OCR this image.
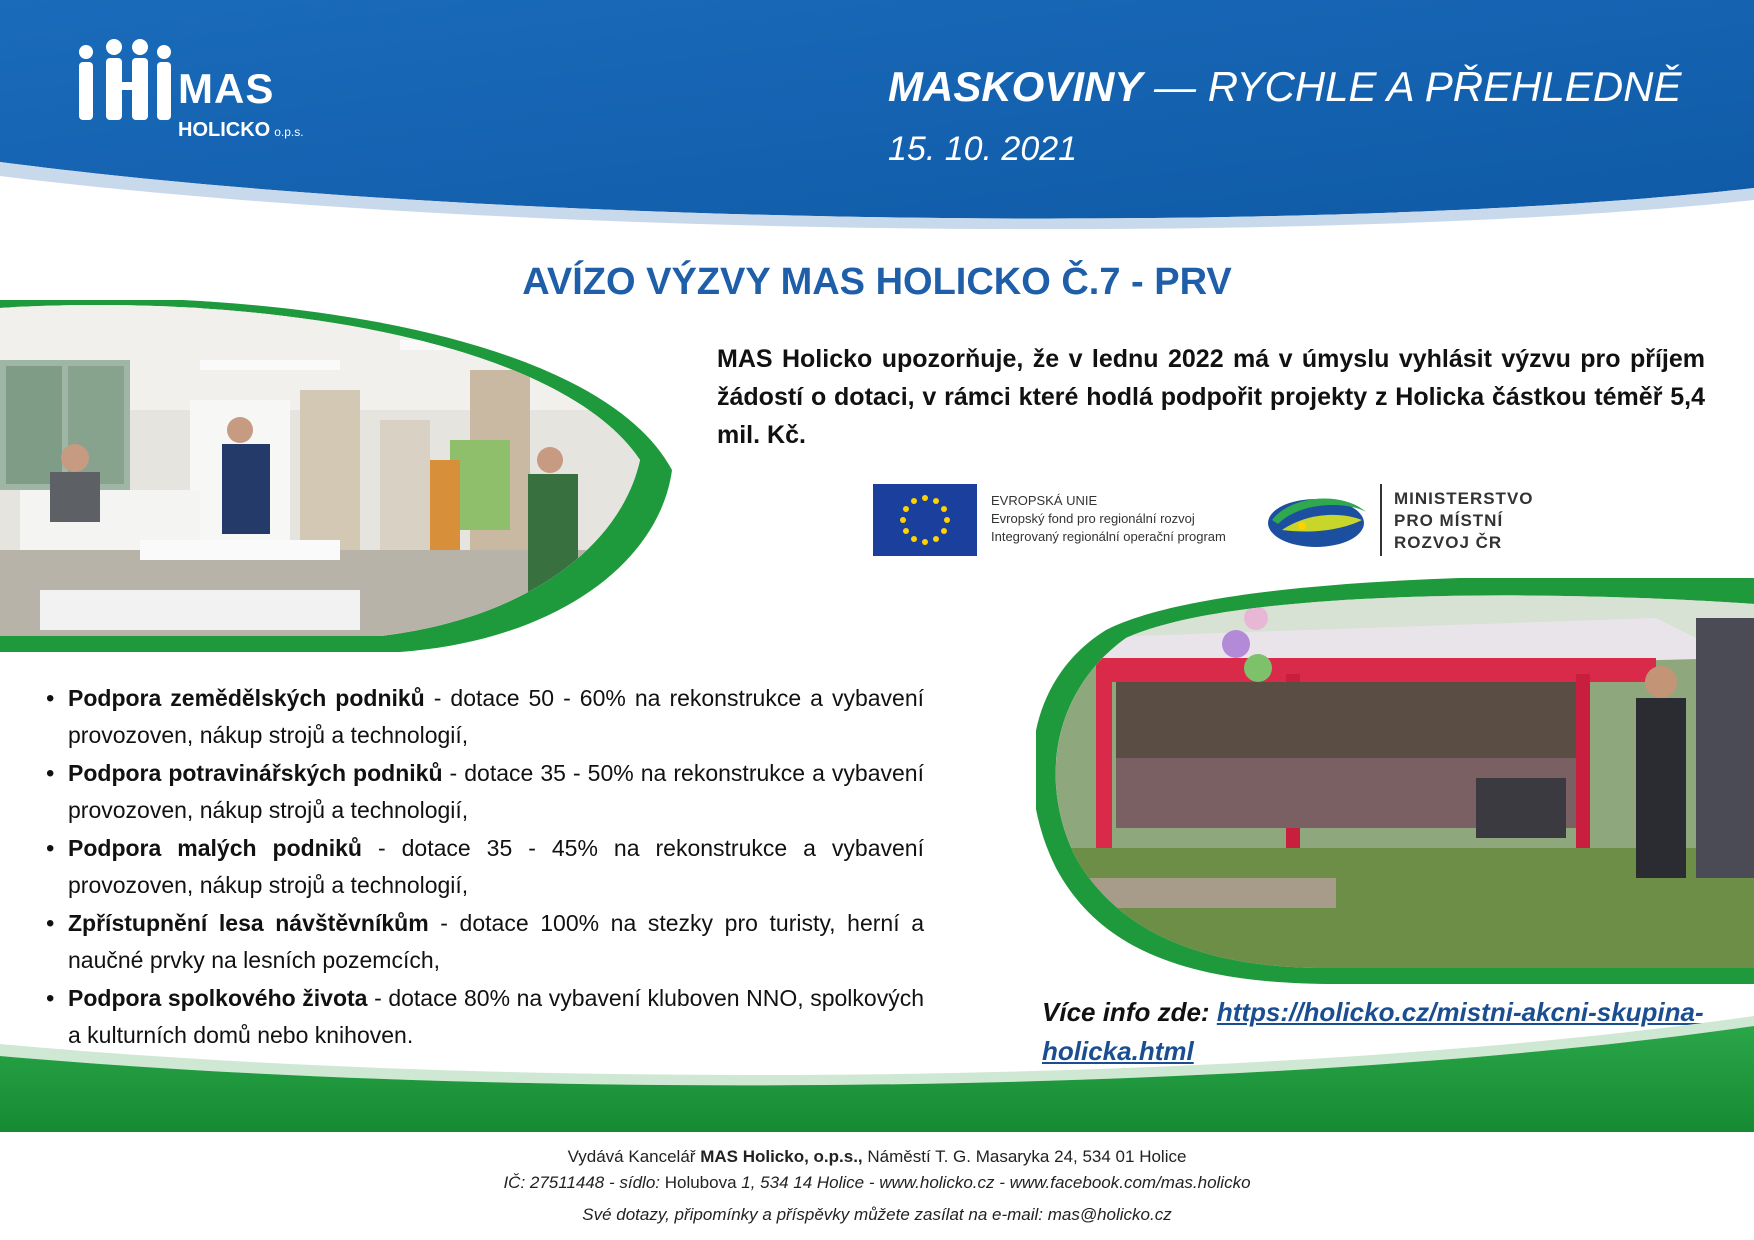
MAS
HOLICKO o.p.s.
MASKOVINY — RYCHLE A PŘEHLEDNĚ
15. 10. 2021
AVÍZO VÝZVY MAS HOLICKO Č.7 - PRV
MAS Holicko upozorňuje, že v lednu 2022 má v úmyslu vyhlásit výzvu pro příjem žádostí o dotaci, v rámci které hodlá podpořit projekty z Holicka částkou téměř 5,4 mil. Kč.
EVROPSKÁ UNIE
Evropský fond pro regionální rozvoj
Integrovaný regionální operační program
MINISTERSTVO
PRO MÍSTNÍ
ROZVOJ ČR
• Podpora zemědělských podniků - dotace 50 - 60% na rekonstrukce a vybavení provozoven, nákup strojů a technologií,
• Podpora potravinářských podniků - dotace 35 - 50% na rekonstrukce a vybavení provozoven, nákup strojů a technologií,
• Podpora malých podniků - dotace 35 - 45% na rekonstrukce a vybavení provozoven, nákup strojů a technologií,
• Zpřístupnění lesa návštěvníkům - dotace 100% na stezky pro turisty, herní a naučné prvky na lesních pozemcích,
• Podpora spolkového života - dotace 80% na vybavení kluboven NNO, spolkových a kulturních domů nebo knihoven.
Více info zde: https://holicko.cz/mistni-akcni-skupina-holicka.html
Vydává Kancelář MAS Holicko, o.p.s., Náměstí T. G. Masaryka 24, 534 01 Holice
IČ: 27511448 - sídlo: Holubova 1, 534 14 Holice - www.holicko.cz - www.facebook.com/mas.holicko
Své dotazy, připomínky a příspěvky můžete zasílat na e-mail: mas@holicko.cz
